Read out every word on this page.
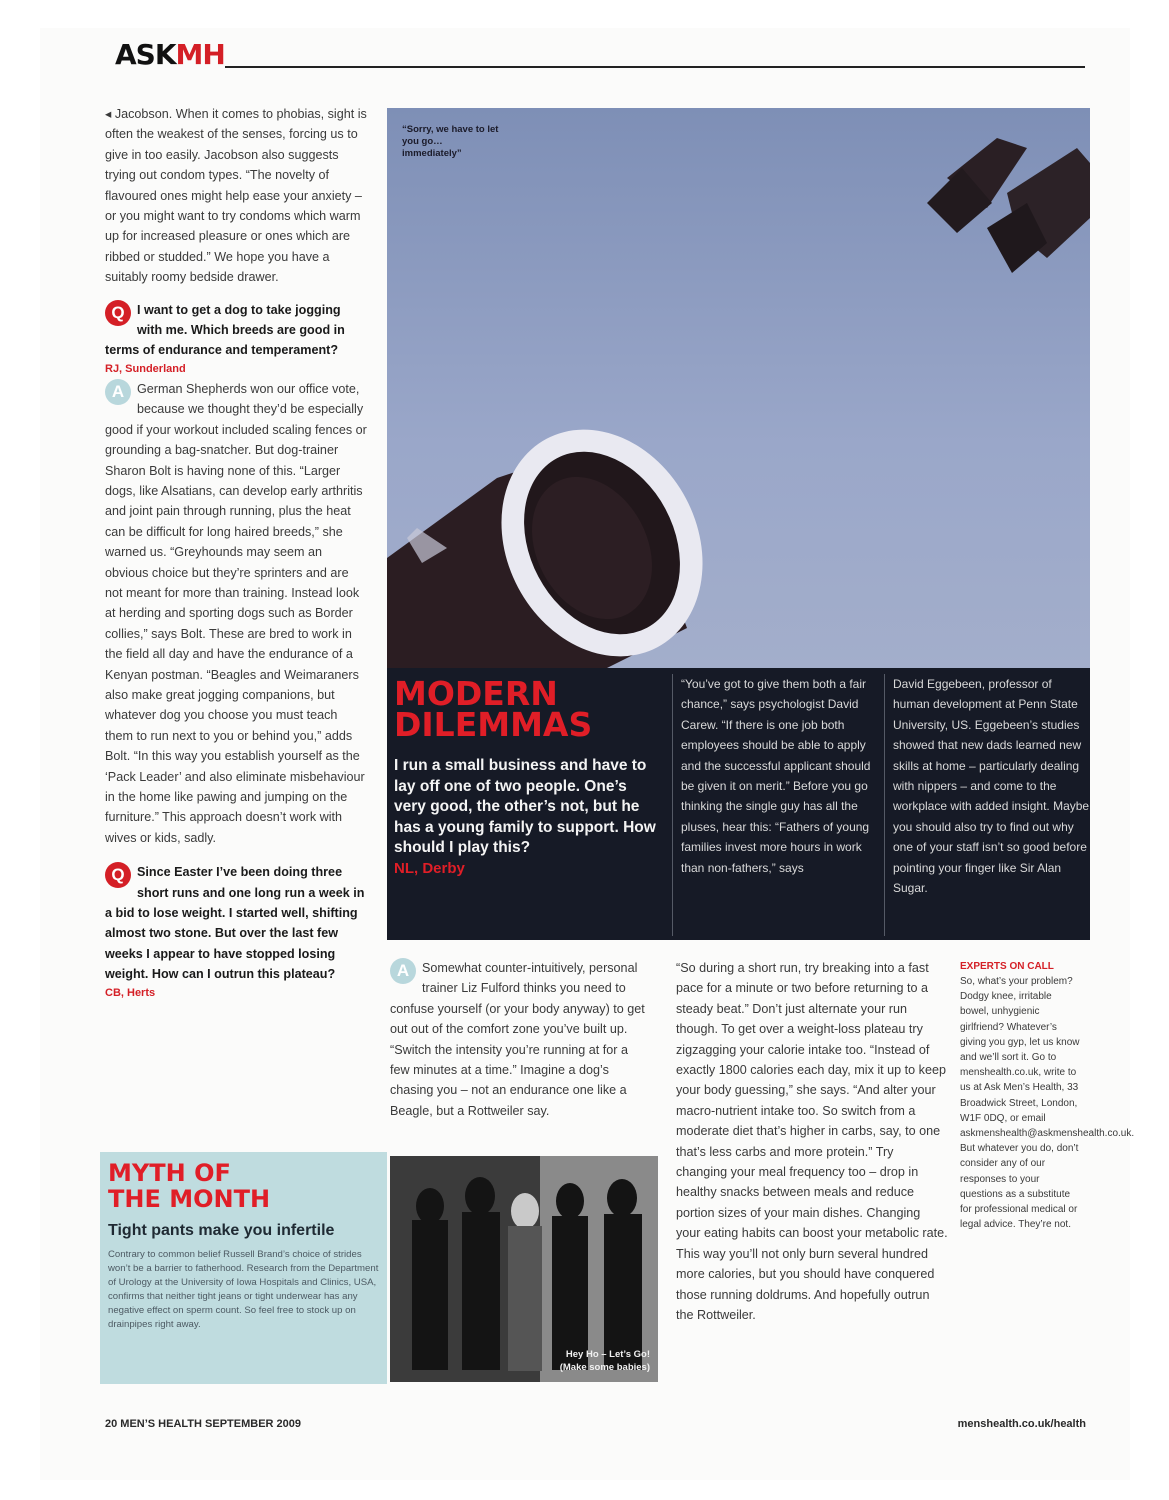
ASKMH

◂ Jacobson. When it comes to phobias, sight is often the weakest of the senses, forcing us to give in too easily. Jacobson also suggests trying out condom types. “The novelty of flavoured ones might help ease your anxiety – or you might want to try condoms which warm up for increased pleasure or ones which are ribbed or studded.” We hope you have a suitably roomy bedside drawer.

Q I want to get a dog to take jogging with me. Which breeds are good in terms of endurance and temperament?
RJ, Sunderland
A	German Shepherds won our office vote, because we thought they’d be especially good if your workout included scaling fences or grounding a bag-snatcher. But dog-trainer Sharon Bolt is having none of this. “Larger dogs, like Alsatians, can develop early arthritis and joint pain through running, plus the heat can be difficult for long haired breeds,” she warned us. “Greyhounds may seem an obvious choice but they’re sprinters and are not meant for more than training. Instead look at herding and sporting dogs such as Border collies,” says Bolt. These are bred to work in the field all day and have the endurance of a Kenyan postman. “Beagles and Weimaraners also make great jogging companions, but whatever dog you choose you must teach them to run next to you or behind you,” adds Bolt. “In this way you establish yourself as the ‘Pack Leader’ and also eliminate misbehaviour in the home like pawing and jumping on the furniture.” This approach doesn’t work with wives or kids, sadly.
Q Since Easter I’ve been doing three short runs and one long run a week in a bid to lose weight. I started well, shifting almost two stone. But over the last few weeks I appear to have stopped losing weight. How can I outrun this plateau?
CB, Herts
“Sorry, we have to let you go… immediately”
MODERN
DILEMMAS
I run a small business and have to lay off one of two people. One’s very good, the other’s not, but he has a young family to support. How should I play this?
NL, Derby
“You’ve got to give them both a fair chance,” says psychologist David Carew. “If there is one job both employees should be able to apply and the successful applicant should be given it on merit.” Before you go thinking the single guy has all the pluses, hear this: “Fathers of young families invest more hours in work than non-fathers,” says
David Eggebeen, professor of human development at Penn State University, US. Eggebeen’s studies showed that new dads learned new skills at home – particularly dealing with nippers – and come to the workplace with added insight. Maybe you should also try to find out why one of your staff isn’t so good before pointing your finger like Sir Alan Sugar.
A	Somewhat counter-intuitively, personal trainer Liz Fulford thinks you need to confuse yourself (or your body anyway) to get out out of the comfort zone you’ve built up. “Switch the intensity you’re running at for a few minutes at a time.” Imagine a dog’s chasing you – not an endurance one like a Beagle, but a Rottweiler say.
“So during a short run, try breaking into a fast pace for a minute or two before returning to a steady beat.” Don’t just alternate your run though. To get over a weight-loss plateau try zigzagging your calorie intake too. “Instead of exactly 1800 calories each day, mix it up to keep your body guessing,” she says. “And alter your macro-nutrient intake too. So switch from a moderate diet that’s higher in carbs, say, to one that’s less carbs and more protein.” Try changing your meal frequency too – drop in healthy snacks between meals and reduce portion sizes of your main dishes. Changing your eating habits can boost your metabolic rate. This way you’ll not only burn several hundred more calories, but you should have conquered those running doldrums. And hopefully outrun the Rottweiler.
EXPERTS ON CALL
So, what’s your problem? Dodgy knee, irritable bowel, unhygienic girlfriend? Whatever’s giving you gyp, let us know and we’ll sort it. Go to menshealth.co.uk, write to us at Ask Men’s Health, 33 Broadwick Street, London, W1F 0DQ, or email askmenshealth@askmenshealth.co.uk. But whatever you do, don’t consider any of our responses to your questions as a substitute for professional medical or legal advice. They’re not.
MYTH OF
THE MONTH
Tight pants make you infertile
Contrary to common belief Russell Brand’s choice of strides won’t be a barrier to fatherhood. Research from the Department of Urology at the University of Iowa Hospitals and Clinics, USA, confirms that neither tight jeans or tight underwear has any negative effect on sperm count. So feel free to stock up on drainpipes right away.
Hey Ho – Let’s Go! (Make some babies)
20 MEN’S HEALTH SEPTEMBER 2009	menshealth.co.uk/health
